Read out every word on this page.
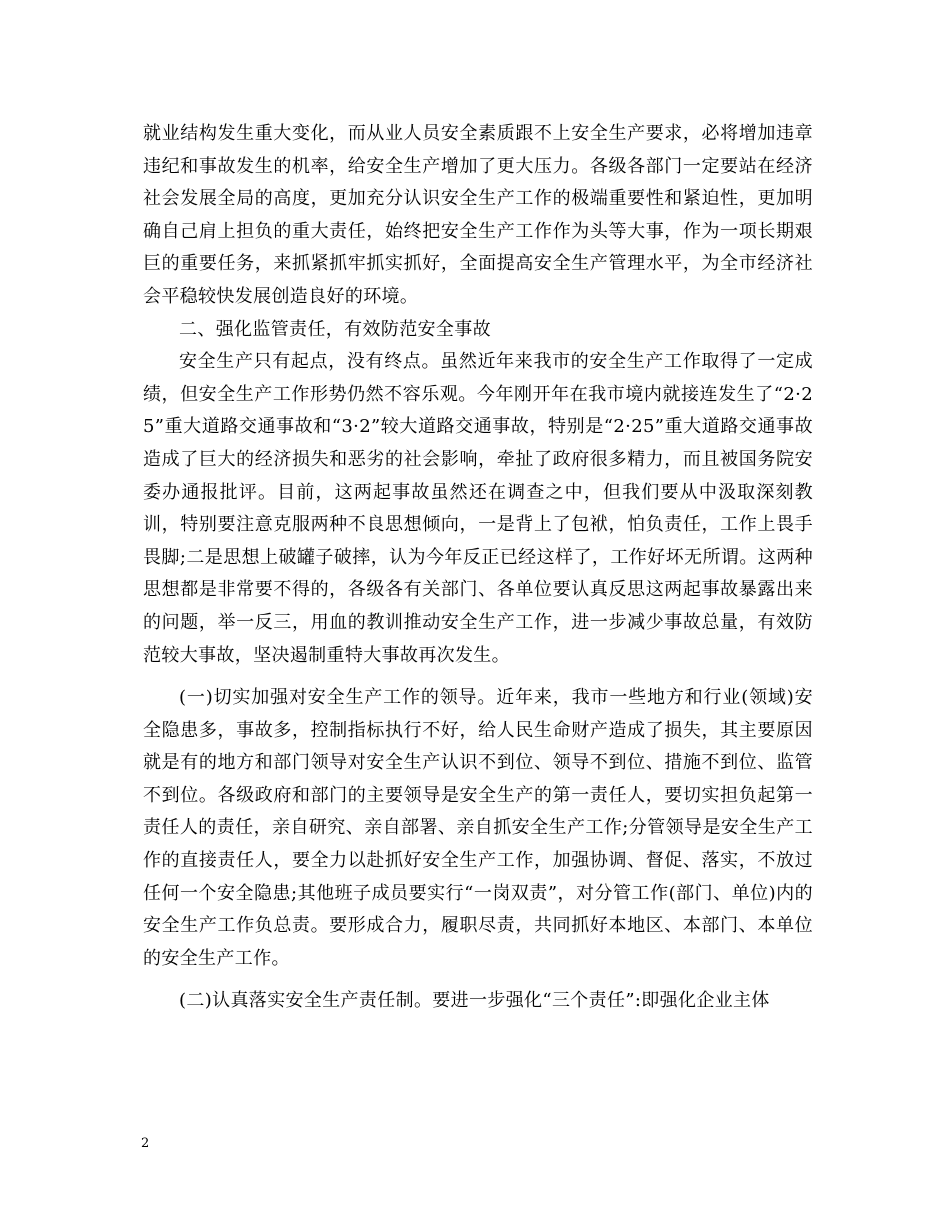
就业结构发生重大变化，而从业人员安全素质跟不上安全生产要求，必将增加违章违纪和事故发生的机率，给安全生产增加了更大压力。各级各部门一定要站在经济社会发展全局的高度，更加充分认识安全生产工作的极端重要性和紧迫性，更加明确自己肩上担负的重大责任，始终把安全生产工作作为头等大事，作为一项长期艰巨的重要任务，来抓紧抓牢抓实抓好，全面提高安全生产管理水平，为全市经济社会平稳较快发展创造良好的环境。

二、强化监管责任，有效防范安全事故

安全生产只有起点，没有终点。虽然近年来我市的安全生产工作取得了一定成绩，但安全生产工作形势仍然不容乐观。今年刚开年在我市境内就接连发生了“2·25”重大道路交通事故和“3·2”较大道路交通事故，特别是“2·25”重大道路交通事故造成了巨大的经济损失和恶劣的社会影响，牵扯了政府很多精力，而且被国务院安委办通报批评。目前，这两起事故虽然还在调查之中，但我们要从中汲取深刻教训，特别要注意克服两种不良思想倾向，一是背上了包袱，怕负责任，工作上畏手畏脚;二是思想上破罐子破摔，认为今年反正已经这样了，工作好坏无所谓。这两种思想都是非常要不得的，各级各有关部门、各单位要认真反思这两起事故暴露出来的问题，举一反三，用血的教训推动安全生产工作，进一步减少事故总量，有效防范较大事故，坚决遏制重特大事故再次发生。

(一)切实加强对安全生产工作的领导。近年来，我市一些地方和行业(领域)安全隐患多，事故多，控制指标执行不好，给人民生命财产造成了损失，其主要原因就是有的地方和部门领导对安全生产认识不到位、领导不到位、措施不到位、监管不到位。各级政府和部门的主要领导是安全生产的第一责任人，要切实担负起第一责任人的责任，亲自研究、亲自部署、亲自抓安全生产工作;分管领导是安全生产工作的直接责任人，要全力以赴抓好安全生产工作，加强协调、督促、落实，不放过任何一个安全隐患;其他班子成员要实行“一岗双责”，对分管工作(部门、单位)内的安全生产工作负总责。要形成合力，履职尽责，共同抓好本地区、本部门、本单位的安全生产工作。

(二)认真落实安全生产责任制。要进一步强化“三个责任”:即强化企业主体

2
